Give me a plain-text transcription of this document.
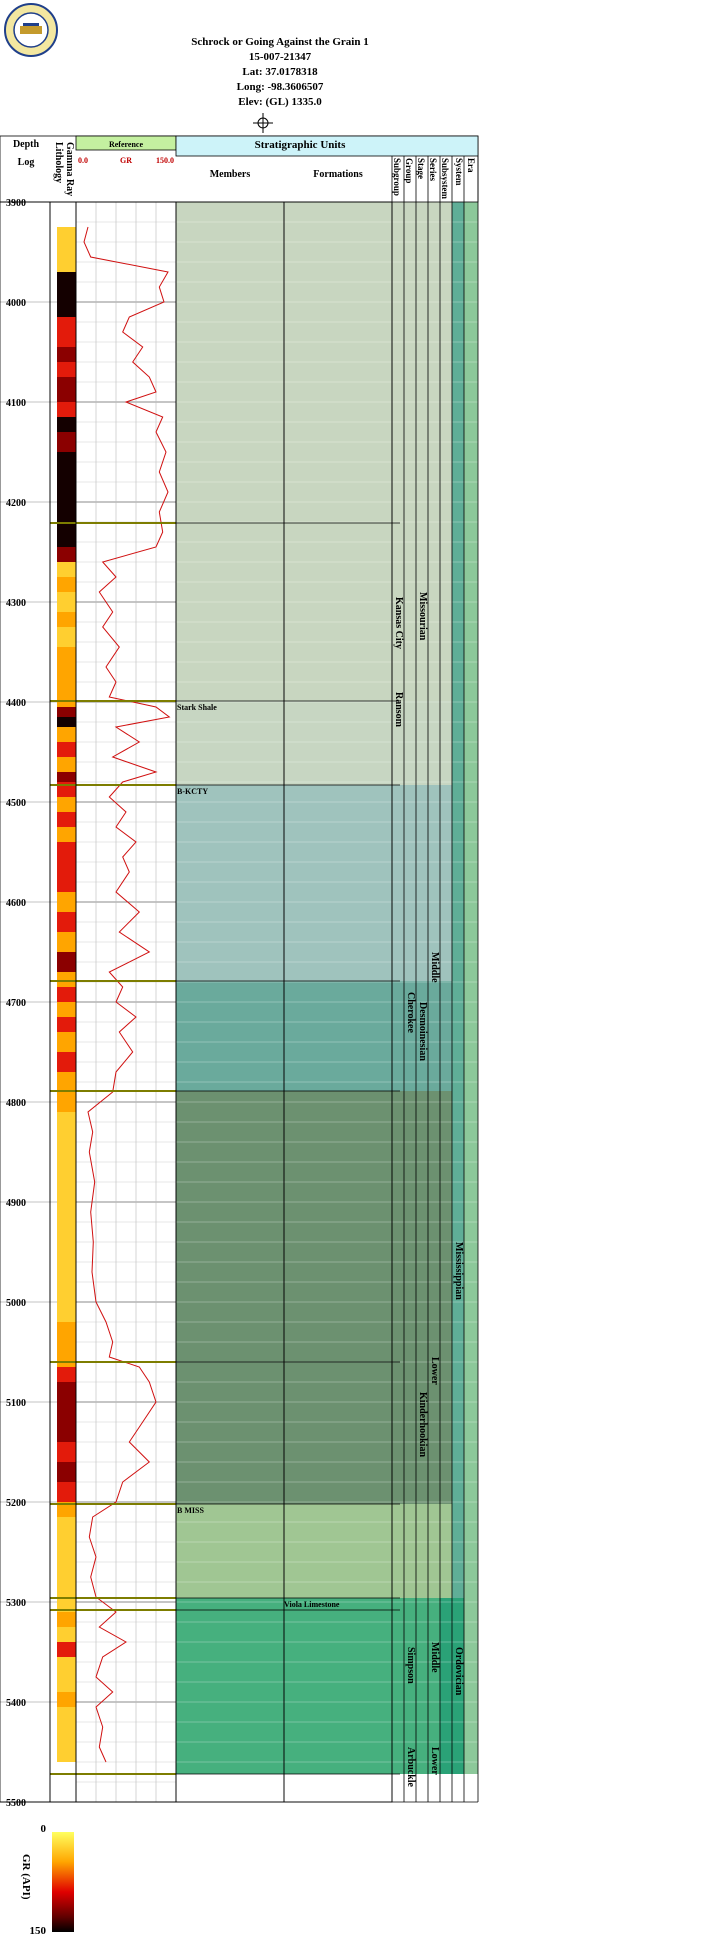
Schrock or Going Against the Grain 1
15-007-21347
Lat: 37.0178318
Long: -98.3606507
Elev: (GL) 1335.0
Stark Shale
B-KCTY
B MISS
Viola Limestone
Depth
Log Lithology Gamma Ray	Reference
0.0	GR	150.0
Stratigraphic Units
Members	Formations	Subgroup Group Stage Series Subsystem System Era
3900
4000
4100
4200
4300
4400
4500
4600
4700
4800
4900
5000
5100
5200
5300
5400
5500
Kansas City
Ransom
Cherokee
Simpson
Arbuckle
Missourian
Desmoinesian
Kinderhookian
Middle
Lower
Middle
Lower
Mississippian
Ordovician
0
150
GR (API)
